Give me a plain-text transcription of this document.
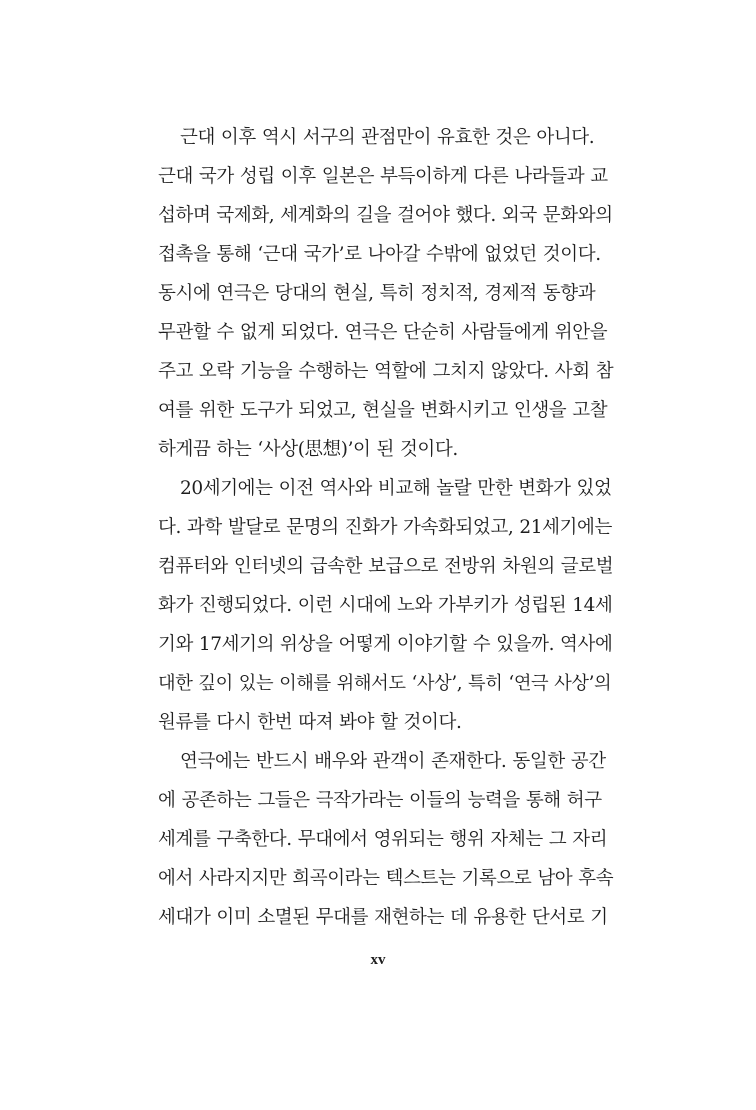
근대 이후 역시 서구의 관점만이 유효한 것은 아니다.
근대 국가 성립 이후 일본은 부득이하게 다른 나라들과 교
섭하며 국제화, 세계화의 길을 걸어야 했다. 외국 문화와의
접촉을 통해 ‘근대 국가’로 나아갈 수밖에 없었던 것이다.
동시에 연극은 당대의 현실, 특히 정치적, 경제적 동향과
무관할 수 없게 되었다. 연극은 단순히 사람들에게 위안을
주고 오락 기능을 수행하는 역할에 그치지 않았다. 사회 참
여를 위한 도구가 되었고, 현실을 변화시키고 인생을 고찰
하게끔 하는 ‘사상(思想)’이 된 것이다.
20세기에는 이전 역사와 비교해 놀랄 만한 변화가 있었
다. 과학 발달로 문명의 진화가 가속화되었고, 21세기에는
컴퓨터와 인터넷의 급속한 보급으로 전방위 차원의 글로벌
화가 진행되었다. 이런 시대에 노와 가부키가 성립된 14세
기와 17세기의 위상을 어떻게 이야기할 수 있을까. 역사에
대한 깊이 있는 이해를 위해서도 ‘사상’, 특히 ‘연극 사상’의
원류를 다시 한번 따져 봐야 할 것이다.
연극에는 반드시 배우와 관객이 존재한다. 동일한 공간
에 공존하는 그들은 극작가라는 이들의 능력을 통해 허구
세계를 구축한다. 무대에서 영위되는 행위 자체는 그 자리
에서 사라지지만 희곡이라는 텍스트는 기록으로 남아 후속
세대가 이미 소멸된 무대를 재현하는 데 유용한 단서로 기
xv
